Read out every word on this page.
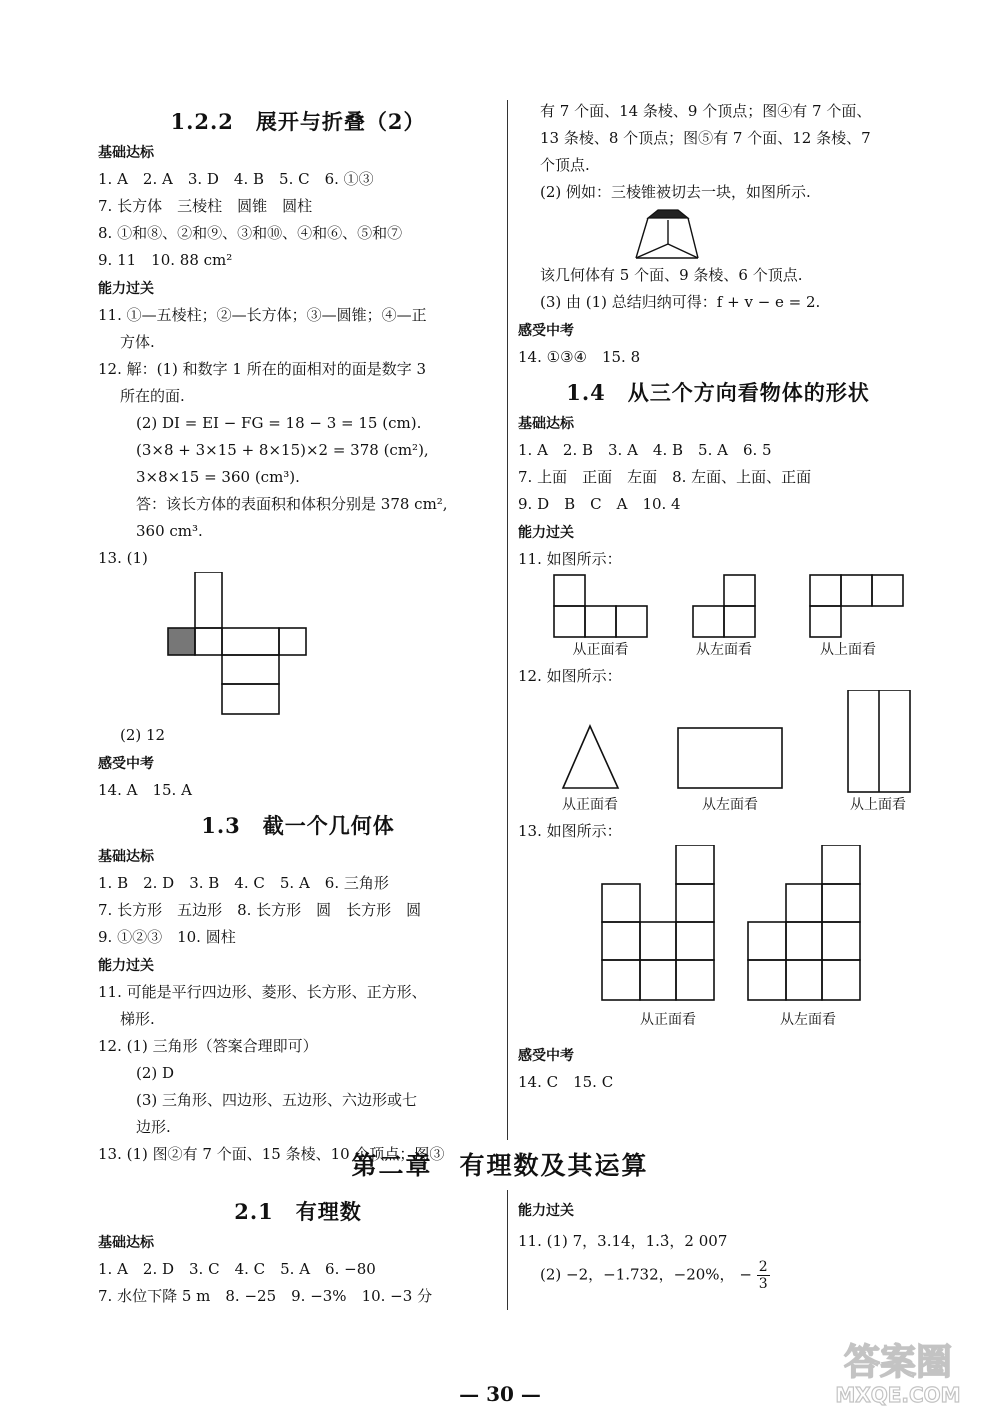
1.2.2　展开与折叠（2）
基础达标
1. A　2. A　3. D　4. B　5. C　6. ①③
7. 长方体　三棱柱　圆锥　圆柱
8. ①和⑧、②和⑨、③和⑩、④和⑥、⑤和⑦
9. 11　10. 88 cm²
能力过关
11. ①—五棱柱；②—长方体；③—圆锥；④—正
方体.
12. 解：(1) 和数字 1 所在的面相对的面是数字 3
所在的面.
(2) DI = EI − FG = 18 − 3 = 15 (cm).
(3×8 + 3×15 + 8×15)×2 = 378 (cm²),
3×8×15 = 360 (cm³).
答：该长方体的表面积和体积分别是 378 cm²,
360 cm³.
13. (1)
(2) 12
感受中考
14. A　15. A
1.3　截一个几何体
基础达标
1. B　2. D　3. B　4. C　5. A　6. 三角形
7. 长方形　五边形　8. 长方形　圆　长方形　圆
9. ①②③　10. 圆柱
能力过关
11. 可能是平行四边形、菱形、长方形、正方形、
梯形.
12. (1) 三角形（答案合理即可）
(2) D
(3) 三角形、四边形、五边形、六边形或七
边形.
13. (1) 图②有 7 个面、15 条棱、10 个顶点；图③
有 7 个面、14 条棱、9 个顶点；图④有 7 个面、
13 条棱、8 个顶点；图⑤有 7 个面、12 条棱、7
个顶点.
(2) 例如：三棱锥被切去一块，如图所示.
该几何体有 5 个面、9 条棱、6 个顶点.
(3) 由 (1) 总结归纳可得：f + v − e = 2.
感受中考
14. ①③④　15. 8
1.4　从三个方向看物体的形状
基础达标
1. A　2. B　3. A　4. B　5. A　6. 5
7. 上面　正面　左面　8. 左面、上面、正面
9. D　B　C　A　10. 4
能力过关
11. 如图所示：
从正面看	从左面看	从上面看
12. 如图所示：
从正面看	从左面看	从上面看
13. 如图所示：
从正面看	从左面看
感受中考
14. C　15. C
第二章　有理数及其运算
2.1　有理数
基础达标
1. A　2. D　3. C　4. C　5. A　6. −80
7. 水位下降 5 m　8. −25　9. −3%　10. −3 分
能力过关
11. (1) 7，3.14，1.3̇，2 007
(2) −2，−1.732，−20%， − $\frac{2}{3}$
— 30 —
答案圈
MXQE.COM
